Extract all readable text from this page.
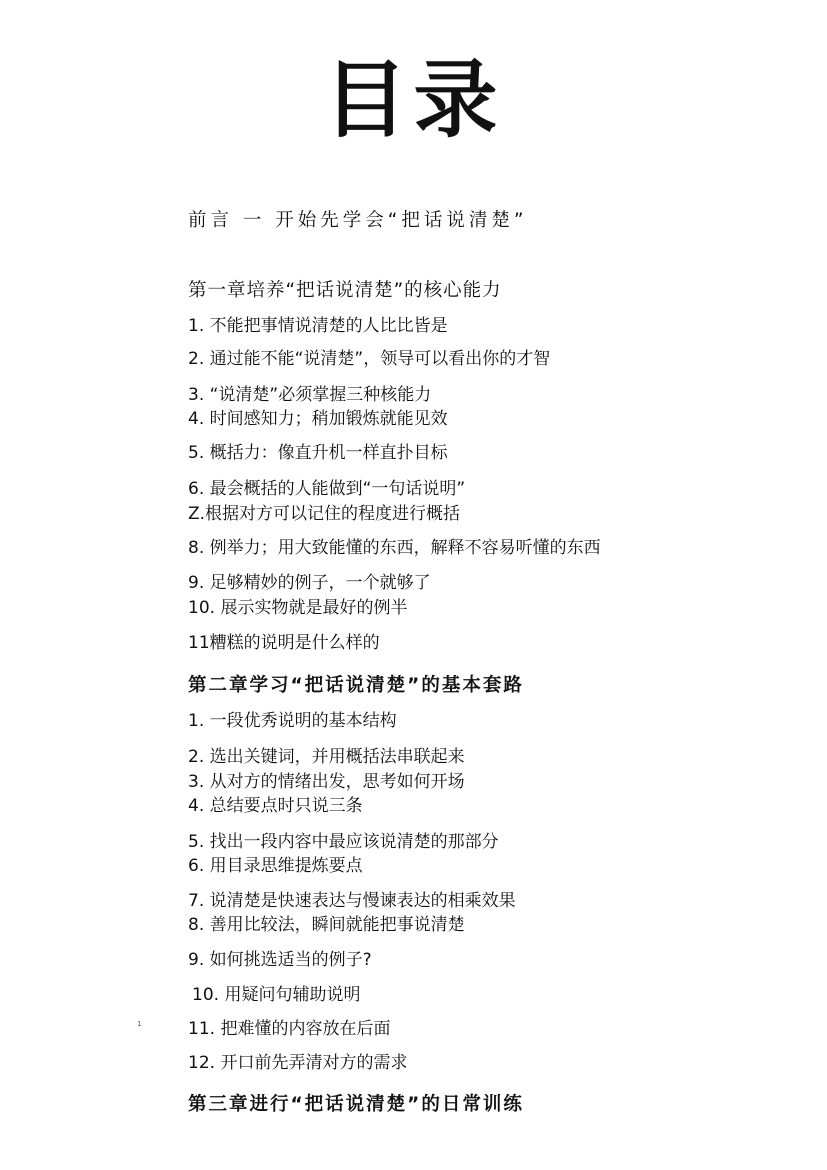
目录
前言 一 开始先学会“把话说清楚”
第一章培养“把话说清楚”的核心能力
1. 不能把事情说清楚的人比比皆是
2. 通过能不能“说清楚”，领导可以看出你的才智
3. “说清楚”必须掌握三种核能力
4. 时间感知力；稍加锻炼就能见效
5. 概括力：像直升机一样直扑目标
6. 最会概括的人能做到“一句话说明”
Z.根据对方可以记住的程度进行概括
8. 例举力；用大致能懂的东西，解释不容易听懂的东西
9. 足够精妙的例子，一个就够了
10. 展示实物就是最好的例半
11糟糕的说明是什么样的
第二章学习“把话说清楚”的基本套路
1. 一段优秀说明的基本结构
2. 选出关键词，并用概括法串联起来
3. 从对方的情绪出发，思考如何开场
4. 总结要点时只说三条
5. 找出一段内容中最应该说清楚的那部分
6. 用目录思维提炼要点
7. 说清楚是快速表达与慢谏表达的相乘效果
8. 善用比较法，瞬间就能把事说清楚
9. 如何挑选适当的例子?
10. 用疑问句辅助说明
11. 把难懂的内容放在后面
12. 开口前先弄清对方的需求
1
第三章进行“把话说清楚”的日常训练
